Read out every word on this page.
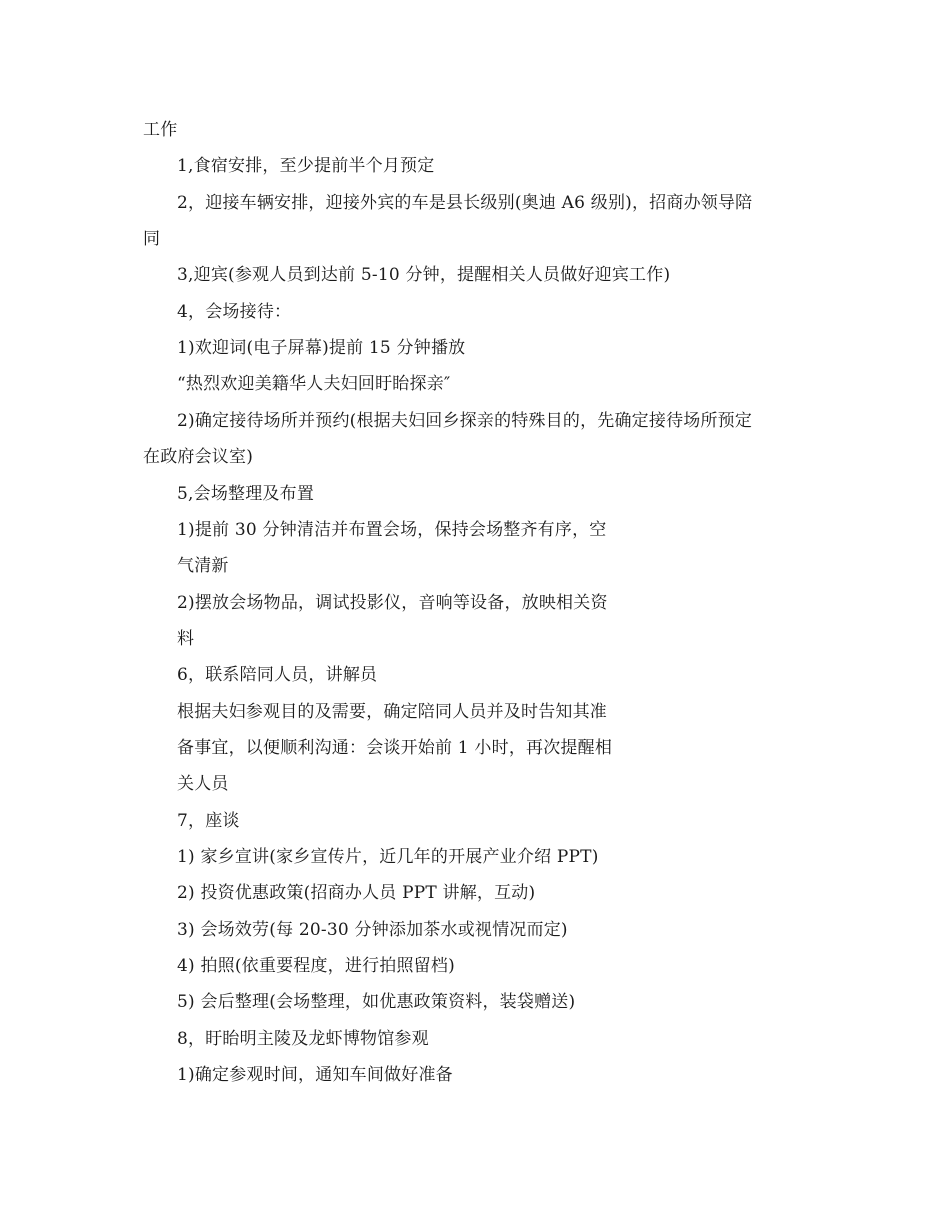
工作
1,食宿安排，至少提前半个月预定
2，迎接车辆安排，迎接外宾的车是县长级别(奥迪 A6 级别)，招商办领导陪
同
3,迎宾(参观人员到达前 5-10 分钟，提醒相关人员做好迎宾工作)
4，会场接待：
1)欢迎词(电子屏幕)提前 15 分钟播放
“热烈欢迎美籍华人夫妇回盱眙探亲″
2)确定接待场所并预约(根据夫妇回乡探亲的特殊目的，先确定接待场所预定
在政府会议室)
5,会场整理及布置
1)提前 30 分钟清洁并布置会场，保持会场整齐有序，空
气清新
2)摆放会场物品，调试投影仪，音响等设备，放映相关资
料
6，联系陪同人员，讲解员
根据夫妇参观目的及需要，确定陪同人员并及时告知其准
备事宜，以便顺利沟通：会谈开始前 1 小时，再次提醒相
关人员
7，座谈
1) 家乡宣讲(家乡宣传片，近几年的开展产业介绍 PPT)
2) 投资优惠政策(招商办人员 PPT 讲解，互动)
3) 会场效劳(每 20-30 分钟添加茶水或视情况而定)
4) 拍照(依重要程度，进行拍照留档)
5) 会后整理(会场整理，如优惠政策资料，装袋赠送)
8，盱眙明主陵及龙虾博物馆参观
1)确定参观时间，通知车间做好准备
